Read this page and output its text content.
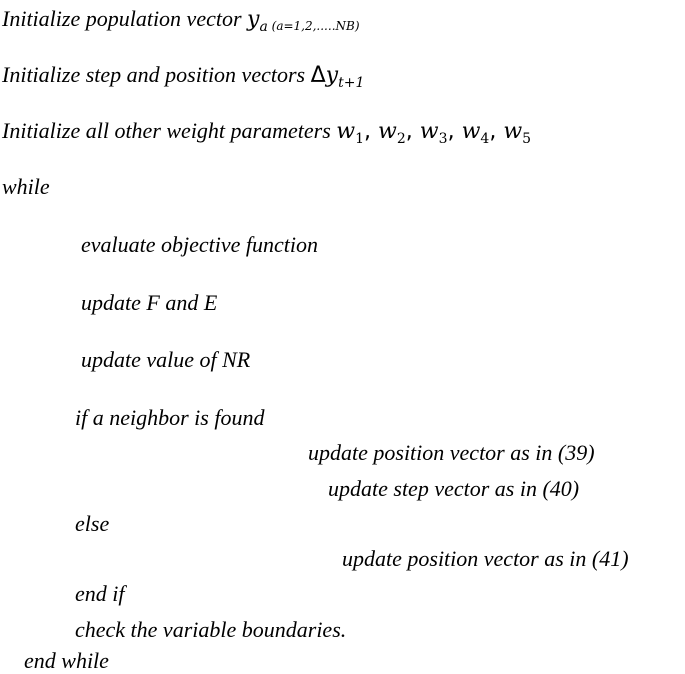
Initialize population vector $y_a$ (a=1,2,.....NB)
Initialize step and position vectors $\Delta y_{t+1}$
Initialize all other weight parameters $w_1$, $w_2$, $w_3$, $w_4$, $w_5$
while
evaluate objective function
update F and E
update value of NR
if a neighbor is found
update position vector as in (39)
update step vector as in (40)
else
update position vector as in (41)
end if
check the variable boundaries.
end while
